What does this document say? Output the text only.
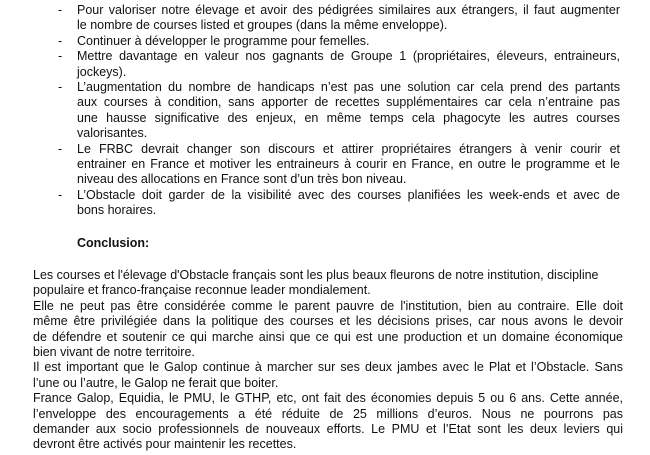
- Pour valoriser notre élevage et avoir des pédigrées similaires aux étrangers, il faut augmenter
le nombre de courses listed et groupes (dans la même enveloppe).
- Continuer à développer le programme pour femelles.
- Mettre davantage en valeur nos gagnants de Groupe 1 (propriétaires, éleveurs, entraineurs,
jockeys).
- L’augmentation du nombre de handicaps n’est pas une solution car cela prend des partants
aux courses à condition, sans apporter de recettes supplémentaires car cela n’entraine pas
une hausse significative des enjeux, en même temps cela phagocyte les autres courses
valorisantes.
- Le FRBC devrait changer son discours et attirer propriétaires étrangers à venir courir et
entrainer en France et motiver les entraineurs à courir en France, en outre le programme et le
niveau des allocations en France sont d’un très bon niveau.
- L’Obstacle doit garder de la visibilité avec des courses planifiées les week-ends et avec de
bons horaires.
Conclusion:
Les courses et l'élevage d'Obstacle français sont les plus beaux fleurons de notre institution, discipline
populaire et franco-française reconnue leader mondialement.
Elle ne peut pas être considérée comme le parent pauvre de l'institution, bien au contraire. Elle doit
même être privilégiée dans la politique des courses et les décisions prises, car nous avons le devoir
de défendre et soutenir ce qui marche ainsi que ce qui est une production et un domaine économique
bien vivant de notre territoire.
Il est important que le Galop continue à marcher sur ses deux jambes avec le Plat et l’Obstacle. Sans
l’une ou l’autre, le Galop ne ferait que boiter.
France Galop, Equidia, le PMU, le GTHP, etc, ont fait des économies depuis 5 ou 6 ans. Cette année,
l’enveloppe des encouragements a été réduite de 25 millions d’euros. Nous ne pourrons pas
demander aux socio professionnels de nouveaux efforts. Le PMU et l’Etat sont les deux leviers qui
devront être activés pour maintenir les recettes.
